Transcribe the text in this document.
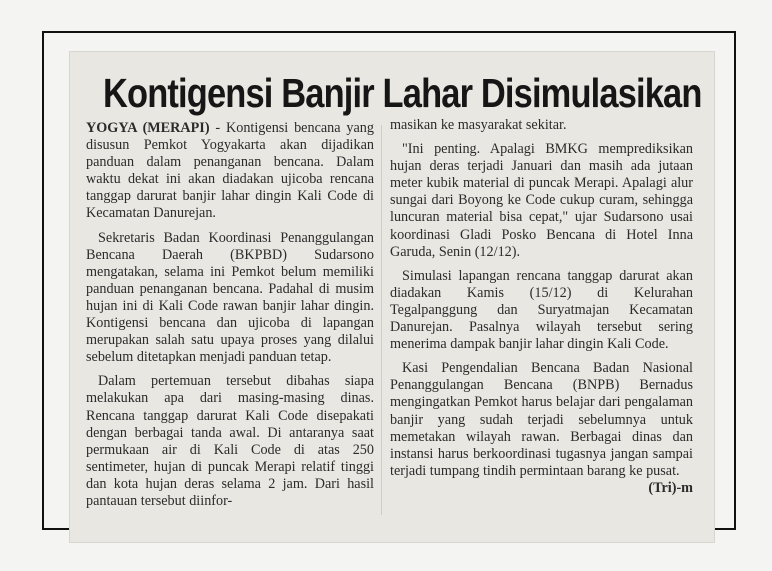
Kontigensi Banjir Lahar Disimulasikan

YOGYA (MERAPI) - Kontigensi bencana yang disusun Pemkot Yogyakarta akan dijadikan panduan dalam penanganan bencana. Dalam waktu dekat ini akan diadakan ujicoba rencana tanggap darurat banjir lahar dingin Kali Code di Kecamatan Danurejan.

Sekretaris Badan Koordinasi Penanggulangan Bencana Daerah (BKPBD) Sudarsono mengatakan, selama ini Pemkot belum memiliki panduan penanganan bencana. Padahal di musim hujan ini di Kali Code rawan banjir lahar dingin. Kontigensi bencana dan ujicoba di lapangan merupakan salah satu upaya proses yang dilalui sebelum ditetapkan menjadi panduan tetap.

Dalam pertemuan tersebut dibahas siapa melakukan apa dari masing-masing dinas. Rencana tanggap darurat Kali Code disepakati dengan berbagai tanda awal. Di antaranya saat permukaan air di Kali Code di atas 250 sentimeter, hujan di puncak Merapi relatif tinggi dan kota hujan deras selama 2 jam. Dari hasil pantauan tersebut diinfor-

masikan ke masyarakat sekitar.

"Ini penting. Apalagi BMKG memprediksikan hujan deras terjadi Januari dan masih ada jutaan meter kubik material di puncak Merapi. Apalagi alur sungai dari Boyong ke Code cukup curam, sehingga luncuran material bisa cepat," ujar Sudarsono usai koordinasi Gladi Posko Bencana di Hotel Inna Garuda, Senin (12/12).

Simulasi lapangan rencana tanggap darurat akan diadakan Kamis (15/12) di Kelurahan Tegalpanggung dan Suryatmajan Kecamatan Danurejan. Pasalnya wilayah tersebut sering menerima dampak banjir lahar dingin Kali Code.

Kasi Pengendalian Bencana Badan Nasional Penanggulangan Bencana (BNPB) Bernadus mengingatkan Pemkot harus belajar dari pengalaman banjir yang sudah terjadi sebelumnya untuk memetakan wilayah rawan. Berbagai dinas dan instansi harus berkoordinasi tugasnya jangan sampai terjadi tumpang tindih permintaan barang ke pusat.
(Tri)-m
